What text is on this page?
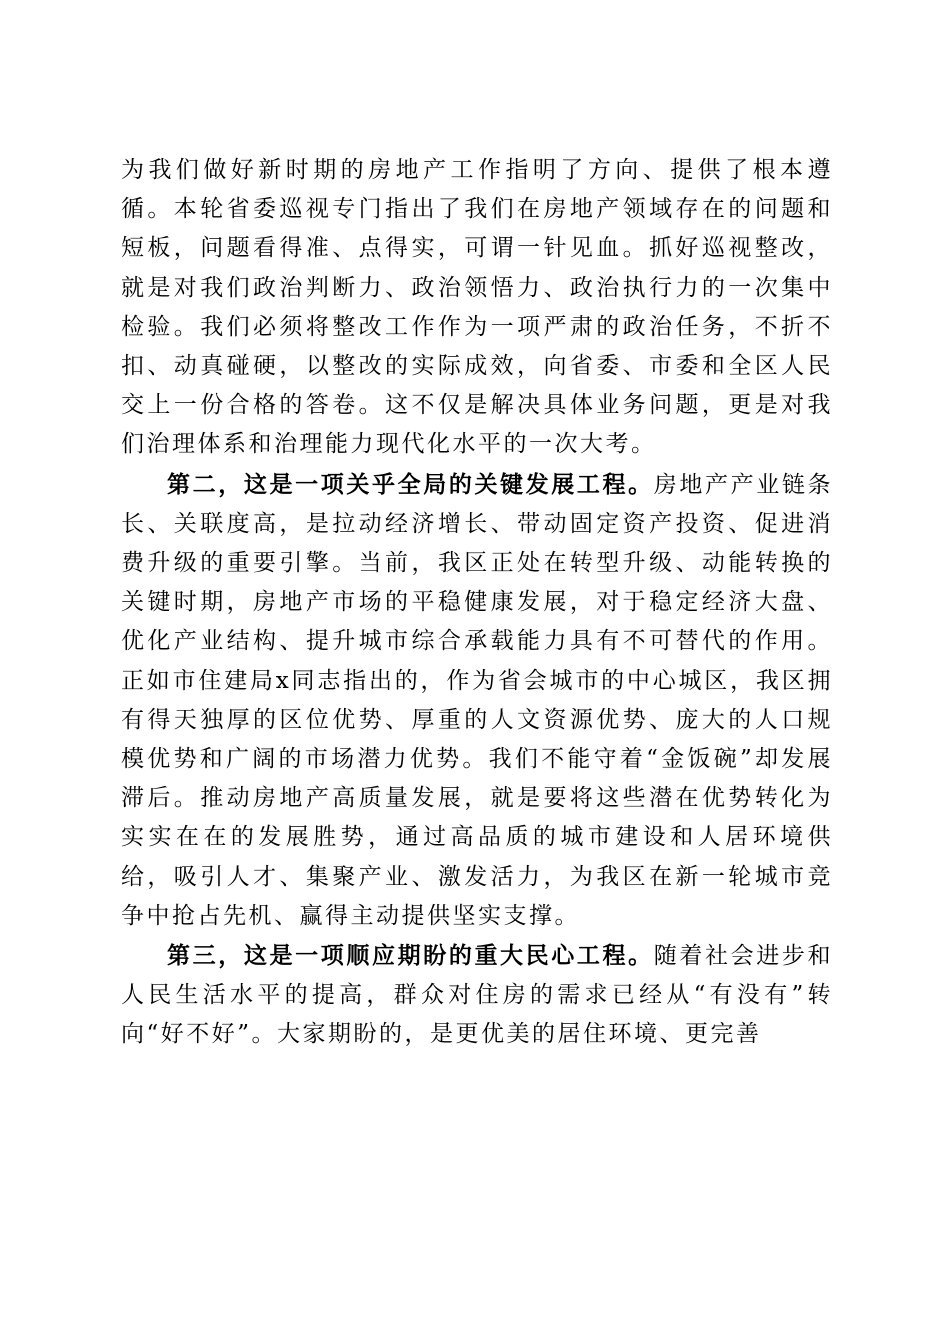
为我们做好新时期的房地产工作指明了方向、提供了根本遵循。本轮省委巡视专门指出了我们在房地产领域存在的问题和短板，问题看得准、点得实，可谓一针见血。抓好巡视整改，就是对我们政治判断力、政治领悟力、政治执行力的一次集中检验。我们必须将整改工作作为一项严肃的政治任务，不折不扣、动真碰硬，以整改的实际成效，向省委、市委和全区人民交上一份合格的答卷。这不仅是解决具体业务问题，更是对我们治理体系和治理能力现代化水平的一次大考。

第二，这是一项关乎全局的关键发展工程。房地产产业链条长、关联度高，是拉动经济增长、带动固定资产投资、促进消费升级的重要引擎。当前，我区正处在转型升级、动能转换的关键时期，房地产市场的平稳健康发展，对于稳定经济大盘、优化产业结构、提升城市综合承载能力具有不可替代的作用。正如市住建局x同志指出的，作为省会城市的中心城区，我区拥有得天独厚的区位优势、厚重的人文资源优势、庞大的人口规模优势和广阔的市场潜力优势。我们不能守着“金饭碗”却发展滞后。推动房地产高质量发展，就是要将这些潜在优势转化为实实在在的发展胜势，通过高品质的城市建设和人居环境供给，吸引人才、集聚产业、激发活力，为我区在新一轮城市竞争中抢占先机、赢得主动提供坚实支撑。

第三，这是一项顺应期盼的重大民心工程。随着社会进步和人民生活水平的提高，群众对住房的需求已经从“有没有”转向“好不好”。大家期盼的，是更优美的居住环境、更完善
